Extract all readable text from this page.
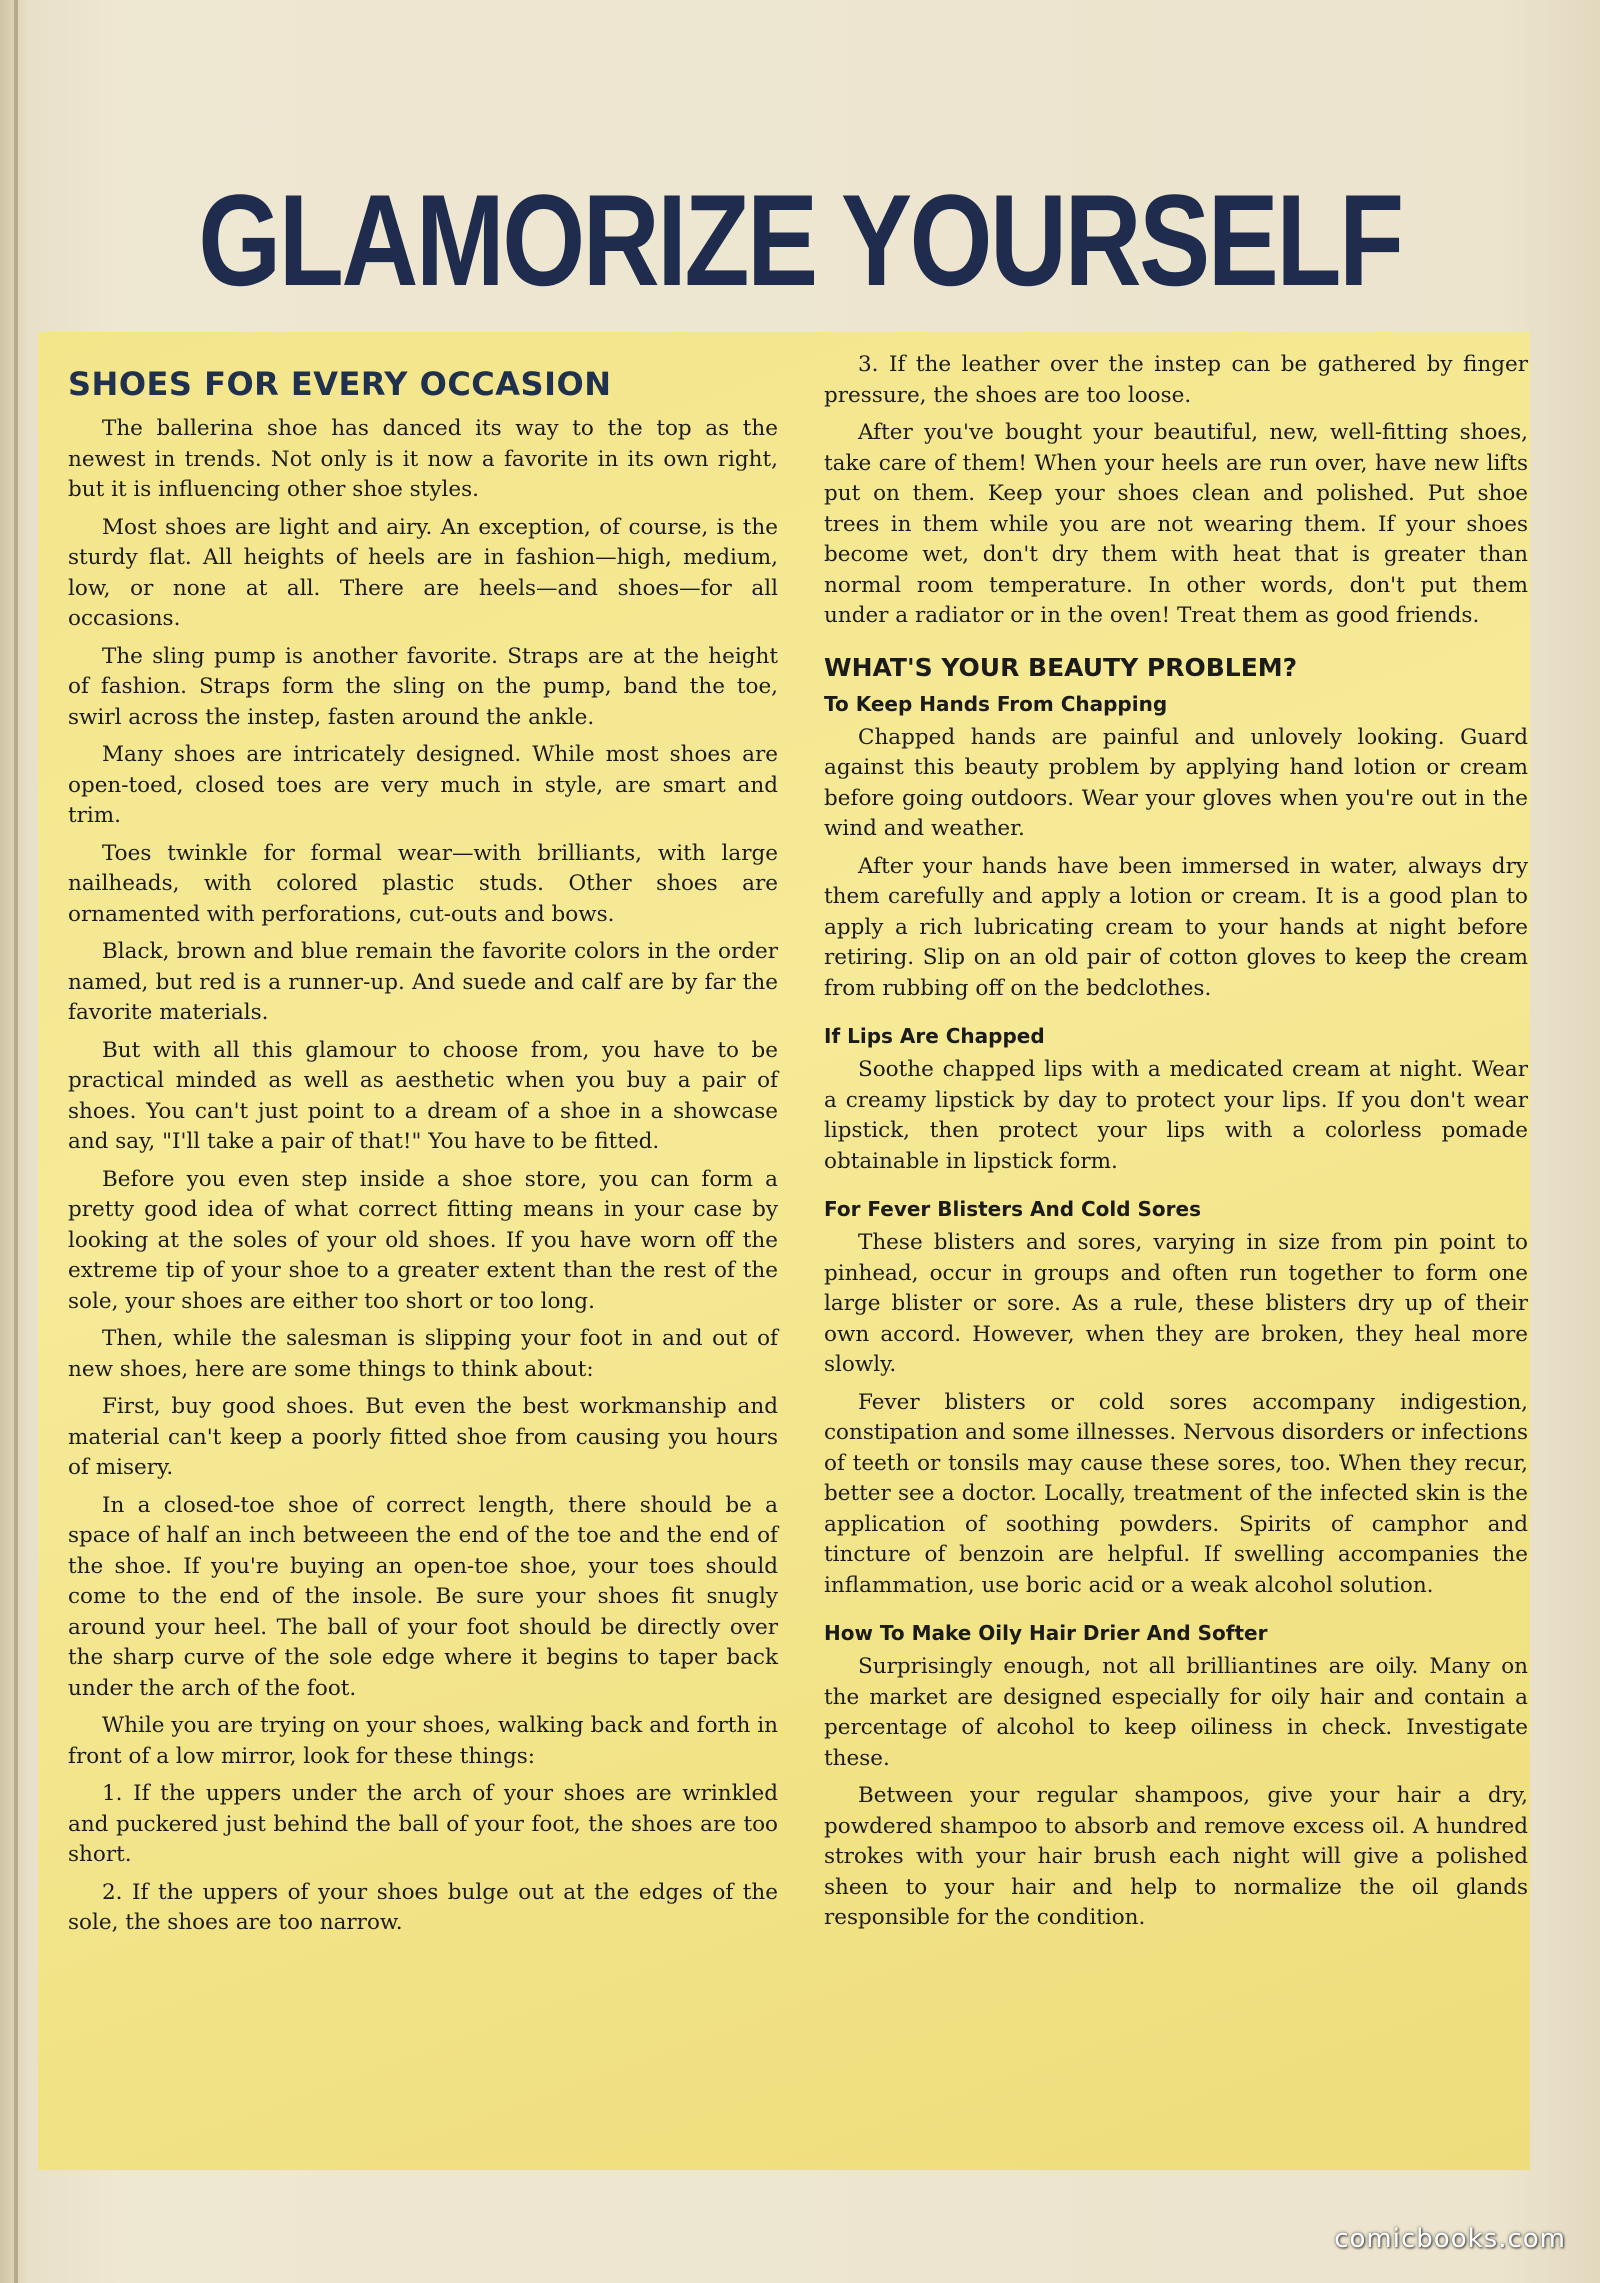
GLAMORIZE YOURSELF
SHOES FOR EVERY OCCASION

The ballerina shoe has danced its way to the top as the newest in trends. Not only is it now a favorite in its own right, but it is influencing other shoe styles.

Most shoes are light and airy. An exception, of course, is the sturdy flat. All heights of heels are in fashion—high, medium, low, or none at all. There are heels—and shoes—for all occasions.

The sling pump is another favorite. Straps are at the height of fashion. Straps form the sling on the pump, band the toe, swirl across the instep, fasten around the ankle.

Many shoes are intricately designed. While most shoes are open-toed, closed toes are very much in style, are smart and trim.

Toes twinkle for formal wear—with brilliants, with large nailheads, with colored plastic studs. Other shoes are ornamented with perforations, cut-outs and bows.

Black, brown and blue remain the favorite colors in the order named, but red is a runner-up. And suede and calf are by far the favorite materials.

But with all this glamour to choose from, you have to be practical minded as well as aesthetic when you buy a pair of shoes. You can't just point to a dream of a shoe in a showcase and say, "I'll take a pair of that!" You have to be fitted.

Before you even step inside a shoe store, you can form a pretty good idea of what correct fitting means in your case by looking at the soles of your old shoes. If you have worn off the extreme tip of your shoe to a greater extent than the rest of the sole, your shoes are either too short or too long.

Then, while the salesman is slipping your foot in and out of new shoes, here are some things to think about:

First, buy good shoes. But even the best workmanship and material can't keep a poorly fitted shoe from causing you hours of misery.

In a closed-toe shoe of correct length, there should be a space of half an inch betweeen the end of the toe and the end of the shoe. If you're buying an open-toe shoe, your toes should come to the end of the insole. Be sure your shoes fit snugly around your heel. The ball of your foot should be directly over the sharp curve of the sole edge where it begins to taper back under the arch of the foot.

While you are trying on your shoes, walking back and forth in front of a low mirror, look for these things:

1. If the uppers under the arch of your shoes are wrinkled and puckered just behind the ball of your foot, the shoes are too short.

2. If the uppers of your shoes bulge out at the edges of the sole, the shoes are too narrow.

3. If the leather over the instep can be gathered by finger pressure, the shoes are too loose.

After you've bought your beautiful, new, well-fitting shoes, take care of them! When your heels are run over, have new lifts put on them. Keep your shoes clean and polished. Put shoe trees in them while you are not wearing them. If your shoes become wet, don't dry them with heat that is greater than normal room temperature. In other words, don't put them under a radiator or in the oven! Treat them as good friends.

WHAT'S YOUR BEAUTY PROBLEM?
To Keep Hands From Chapping

Chapped hands are painful and unlovely looking. Guard against this beauty problem by applying hand lotion or cream before going outdoors. Wear your gloves when you're out in the wind and weather.

After your hands have been immersed in water, always dry them carefully and apply a lotion or cream. It is a good plan to apply a rich lubricating cream to your hands at night before retiring. Slip on an old pair of cotton gloves to keep the cream from rubbing off on the bedclothes.

If Lips Are Chapped

Soothe chapped lips with a medicated cream at night. Wear a creamy lipstick by day to protect your lips. If you don't wear lipstick, then protect your lips with a colorless pomade obtainable in lipstick form.

For Fever Blisters And Cold Sores

These blisters and sores, varying in size from pin point to pinhead, occur in groups and often run together to form one large blister or sore. As a rule, these blisters dry up of their own accord. However, when they are broken, they heal more slowly.

Fever blisters or cold sores accompany indigestion, constipation and some illnesses. Nervous disorders or infections of teeth or tonsils may cause these sores, too. When they recur, better see a doctor. Locally, treatment of the infected skin is the application of soothing powders. Spirits of camphor and tincture of benzoin are helpful. If swelling accompanies the inflammation, use boric acid or a weak alcohol solution.

How To Make Oily Hair Drier And Softer

Surprisingly enough, not all brilliantines are oily. Many on the market are designed especially for oily hair and contain a percentage of alcohol to keep oiliness in check. Investigate these.

Between your regular shampoos, give your hair a dry, powdered shampoo to absorb and remove excess oil. A hundred strokes with your hair brush each night will give a polished sheen to your hair and help to normalize the oil glands responsible for the condition.

comicbooks.com
